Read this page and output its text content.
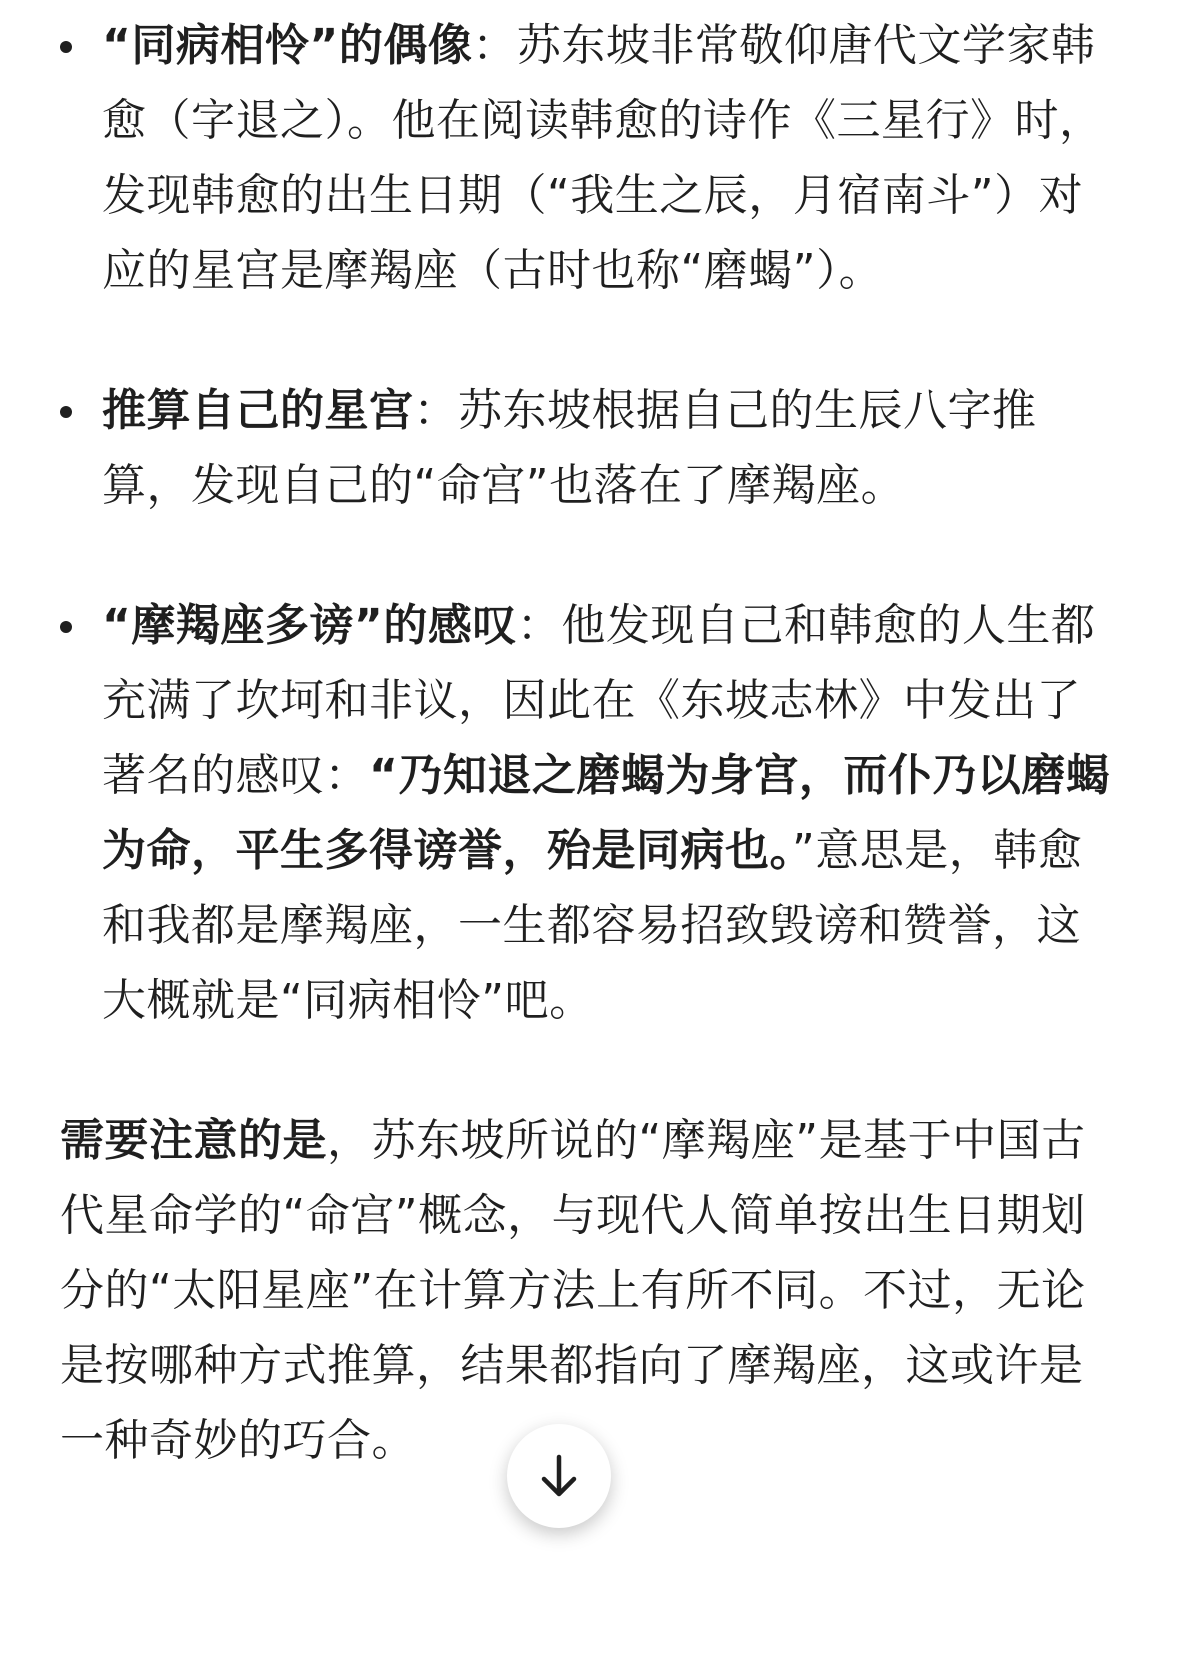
“同病相怜”的偶像：苏东坡非常敬仰唐代文学家韩愈（字退之）。他在阅读韩愈的诗作《三星行》时，发现韩愈的出生日期（“我生之辰，月宿南斗”）对应的星宫是摩羯座（古时也称“磨蝎”）。
推算自己的星宫：苏东坡根据自己的生辰八字推算，发现自己的“命宫”也落在了摩羯座。
“摩羯座多谤”的感叹：他发现自己和韩愈的人生都充满了坎坷和非议，因此在《东坡志林》中发出了著名的感叹：“乃知退之磨蝎为身宫，而仆乃以磨蝎为命，平生多得谤誉，殆是同病也。”意思是，韩愈和我都是摩羯座，一生都容易招致毁谤和赞誉，这大概就是“同病相怜”吧。

需要注意的是，苏东坡所说的“摩羯座”是基于中国古代星命学的“命宫”概念，与现代人简单按出生日期划分的“太阳星座”在计算方法上有所不同。不过，无论是按哪种方式推算，结果都指向了摩羯座，这或许是一种奇妙的巧合。
